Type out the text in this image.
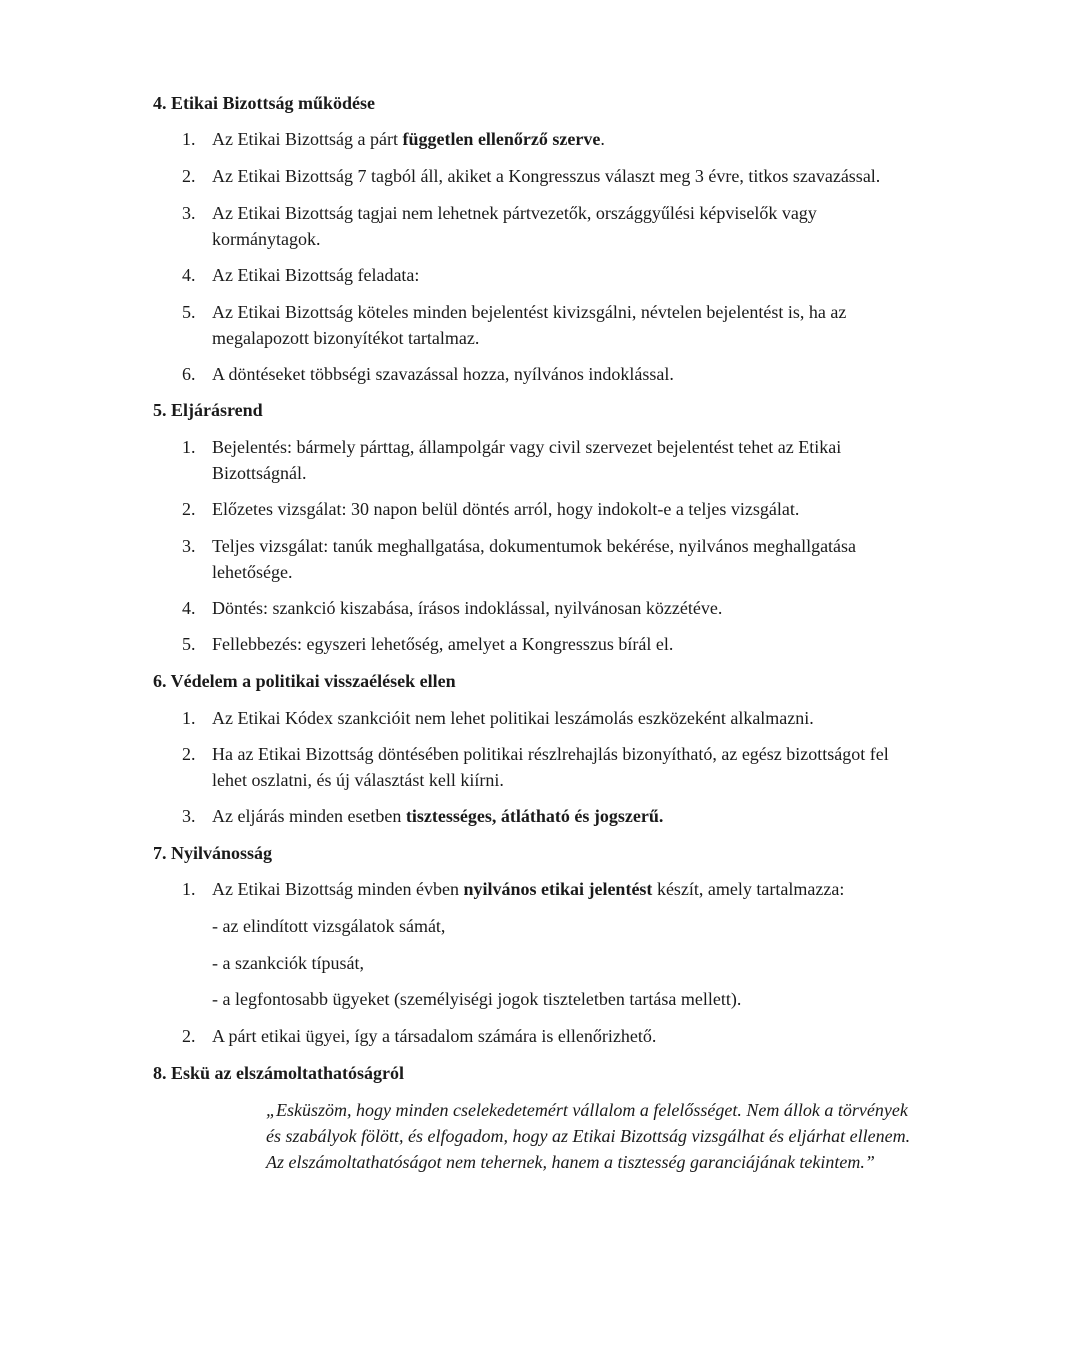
4. Etikai Bizottság működése
1. Az Etikai Bizottság a párt független ellenőrző szerve.
2. Az Etikai Bizottság 7 tagból áll, akiket a Kongresszus választ meg 3 évre, titkos szavazással.
3. Az Etikai Bizottság tagjai nem lehetnek pártvezetők, országgyűlési képviselők vagy kormánytagok.
4. Az Etikai Bizottság feladata:
5. Az Etikai Bizottság köteles minden bejelentést kivizsgálni, névtelen bejelentést is, ha az megalapozott bizonyítékot tartalmaz.
6. A döntéseket többségi szavazással hozza, nyílvános indoklással.
5. Eljárásrend
1. Bejelentés: bármely párttag, állampolgár vagy civil szervezet bejelentést tehet az Etikai Bizottságnál.
2. Előzetes vizsgálat: 30 napon belül döntés arról, hogy indokolt-e a teljes vizsgálat.
3. Teljes vizsgálat: tanúk meghallgatása, dokumentumok bekérése, nyilvános meghallgatása lehetősége.
4. Döntés: szankció kiszabása, írásos indoklással, nyilvánosan közzétéve.
5. Fellebbezés: egyszeri lehetőség, amelyet a Kongresszus bírál el.
6. Védelem a politikai visszaélések ellen
1. Az Etikai Kódex szankcióit nem lehet politikai leszámolás eszközeként alkalmazni.
2. Ha az Etikai Bizottság döntésében politikai részlrehajlás bizonyítható, az egész bizottságot fel lehet oszlatni, és új választást kell kiírni.
3. Az eljárás minden esetben tisztességes, átlátható és jogszerű.
7. Nyilvánosság
1. Az Etikai Bizottság minden évben nyilvános etikai jelentést készít, amely tartalmazza:
- az elindított vizsgálatok sámát,
- a szankciók típusát,
- a legfontosabb ügyeket (személyiségi jogok tiszteletben tartása mellett).
2. A párt etikai ügyei, így a társadalom számára is ellenőrizhető.
8. Eskü az elszámoltathatóságról
„Esküszöm, hogy minden cselekedetemért vállalom a felelősséget. Nem állok a törvények és szabályok fölött, és elfogadom, hogy az Etikai Bizottság vizsgálhat és eljárhat ellenem. Az elszámoltathatóságot nem tehernek, hanem a tisztesség garanciájának tekintem.”
